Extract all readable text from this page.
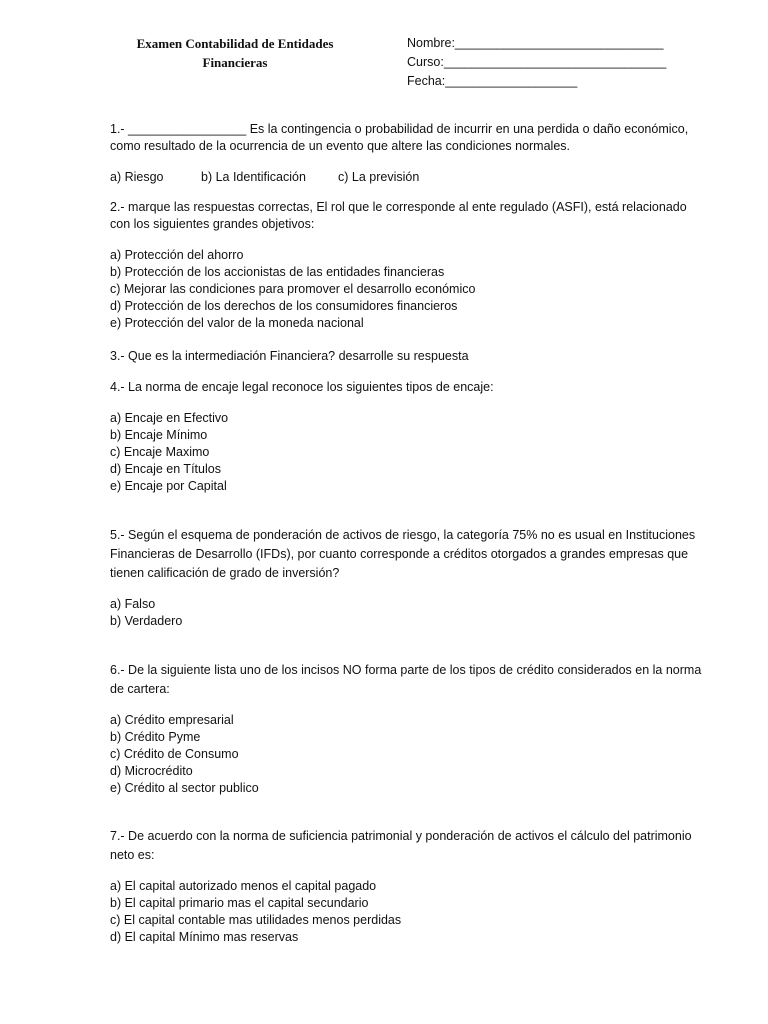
Examen Contabilidad de Entidades
Financieras
Nombre:______________________________
Curso:________________________________
Fecha:___________________

1.- _________________ Es la contingencia o probabilidad de incurrir en una perdida o daño económico, como resultado de la ocurrencia de un evento que altere las condiciones normales.

a) Riesgo	b) La Identificación	c) La previsión

2.- marque las respuestas correctas, El rol que le corresponde al ente regulado (ASFI), está relacionado con los siguientes grandes objetivos:

a) Protección del ahorro
b) Protección de los accionistas de las entidades financieras
c) Mejorar las condiciones para promover el desarrollo económico
d) Protección de los derechos de los consumidores financieros
e) Protección del valor de la moneda nacional

3.- Que es la intermediación Financiera? desarrolle su respuesta

4.- La norma de encaje legal reconoce los siguientes tipos de encaje:

a) Encaje en Efectivo
b) Encaje Mínimo
c) Encaje Maximo
d) Encaje en Títulos
e) Encaje por Capital

5.- Según el esquema de ponderación de activos de riesgo, la categoría 75% no es usual en Instituciones Financieras de Desarrollo (IFDs), por cuanto corresponde a créditos otorgados a grandes empresas que tienen calificación de grado de inversión?

a) Falso
b) Verdadero

6.- De la siguiente lista uno de los incisos NO forma parte de los tipos de crédito considerados en la norma de cartera:

a) Crédito empresarial
b) Crédito Pyme
c) Crédito de Consumo
d) Microcrédito
e) Crédito al sector publico

7.- De acuerdo con la norma de suficiencia patrimonial y ponderación de activos el cálculo del patrimonio neto es:

a) El capital autorizado menos el capital pagado
b) El capital primario mas el capital secundario
c) El capital contable mas utilidades menos perdidas
d) El capital Mínimo mas reservas
